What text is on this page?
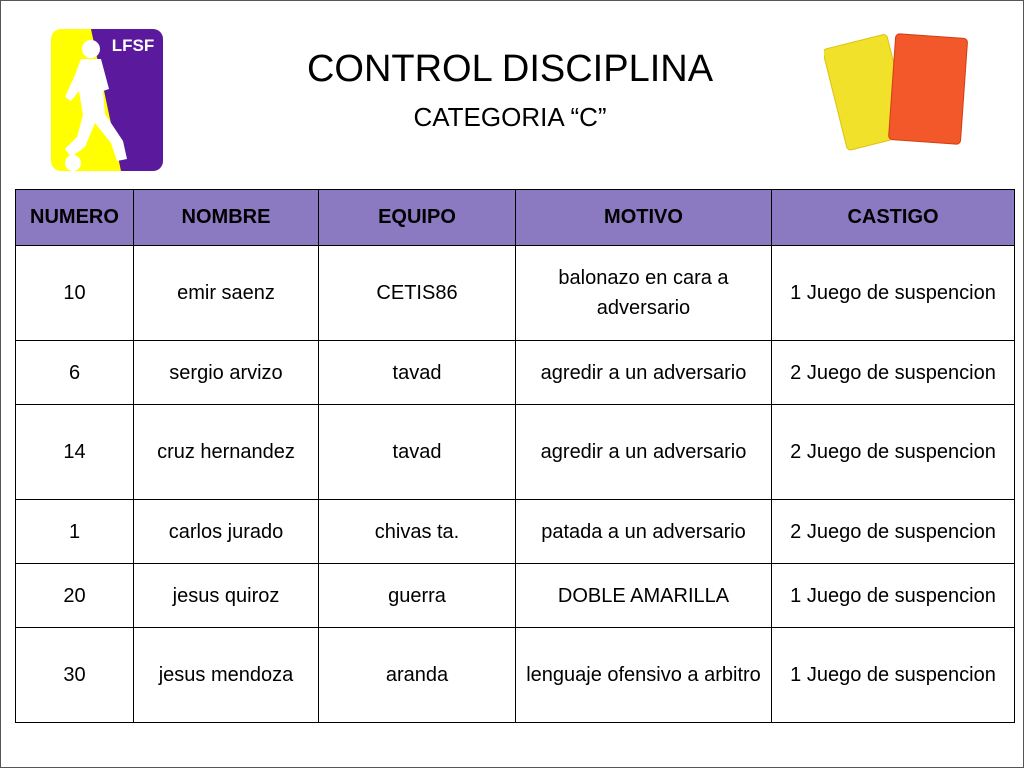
LFSF
CONTROL DISCIPLINA
CATEGORIA “C”
NUMERO	NOMBRE	EQUIPO	MOTIVO	CASTIGO
10	emir saenz	CETIS86	balonazo en cara a adversario	1 Juego de suspencion
6	sergio arvizo	tavad	agredir a un adversario	2 Juego de suspencion
14	cruz hernandez	tavad	agredir a un adversario	2 Juego de suspencion
1	carlos jurado	chivas ta.	patada a un adversario	2 Juego de suspencion
20	jesus quiroz	guerra	DOBLE AMARILLA	1 Juego de suspencion
30	jesus mendoza	aranda	lenguaje ofensivo a arbitro	1 Juego de suspencion
